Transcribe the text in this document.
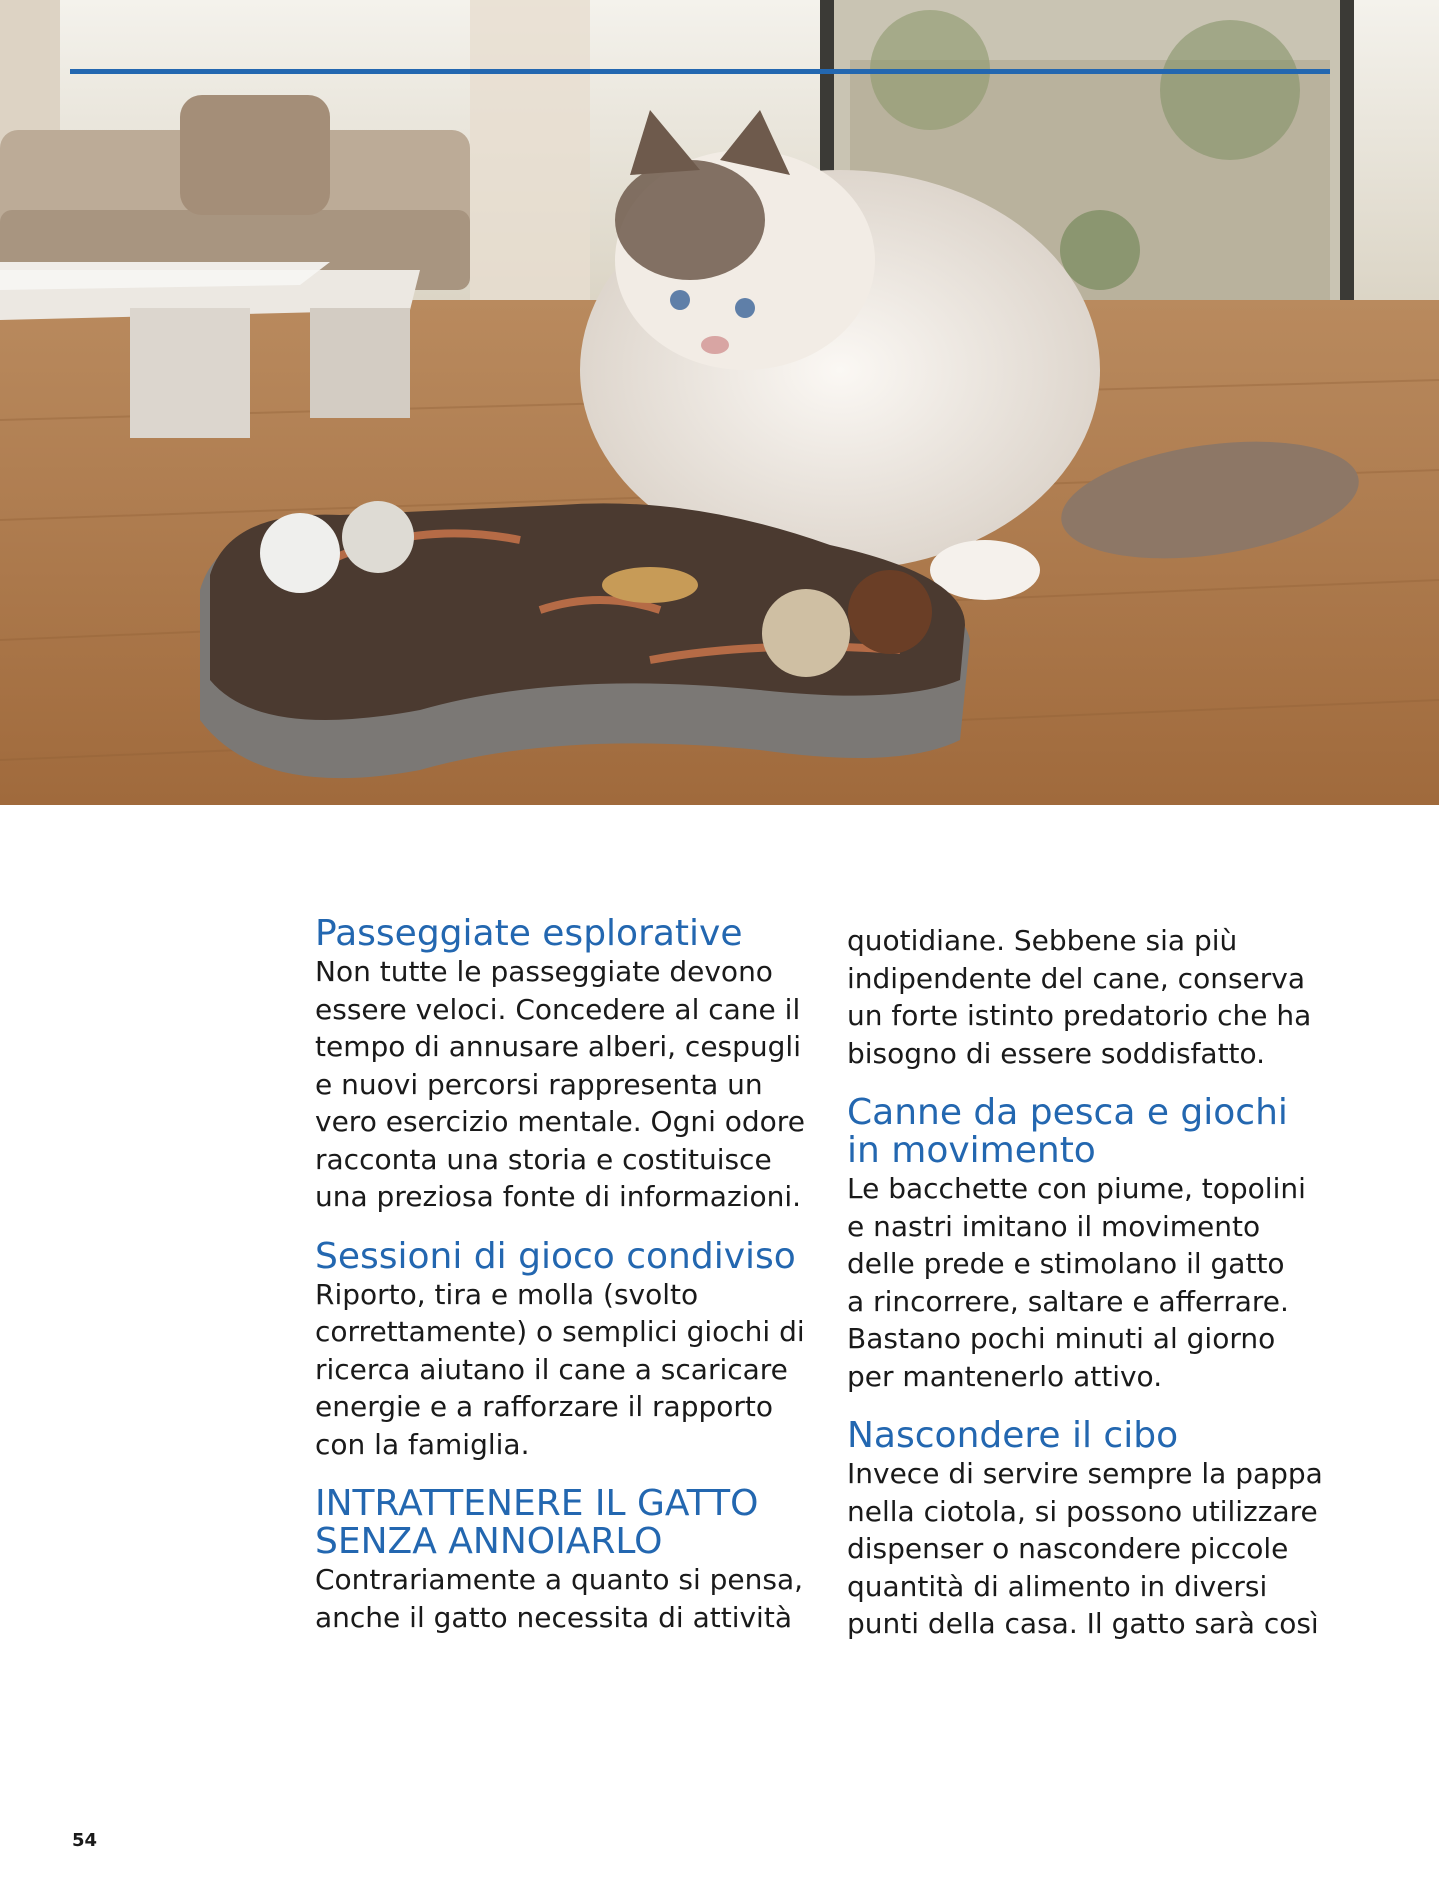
Passeggiate esplorative

Non tutte le passeggiate devono
essere veloci. Concedere al cane il
tempo di annusare alberi, cespugli
e nuovi percorsi rappresenta un
vero esercizio mentale. Ogni odore
racconta una storia e costituisce
una preziosa fonte di informazioni.

Sessioni di gioco condiviso

Riporto, tira e molla (svolto
correttamente) o semplici giochi di
ricerca aiutano il cane a scaricare
energie e a rafforzare il rapporto
con la famiglia.

INTRATTENERE IL GATTO
SENZA ANNOIARLO

Contrariamente a quanto si pensa,
anche il gatto necessita di attività

quotidiane. Sebbene sia più
indipendente del cane, conserva
un forte istinto predatorio che ha
bisogno di essere soddisfatto.

Canne da pesca e giochi
in movimento

Le bacchette con piume, topolini
e nastri imitano il movimento
delle prede e stimolano il gatto
a rincorrere, saltare e afferrare.
Bastano pochi minuti al giorno
per mantenerlo attivo.

Nascondere il cibo

Invece di servire sempre la pappa
nella ciotola, si possono utilizzare
dispenser o nascondere piccole
quantità di alimento in diversi
punti della casa. Il gatto sarà così

54
